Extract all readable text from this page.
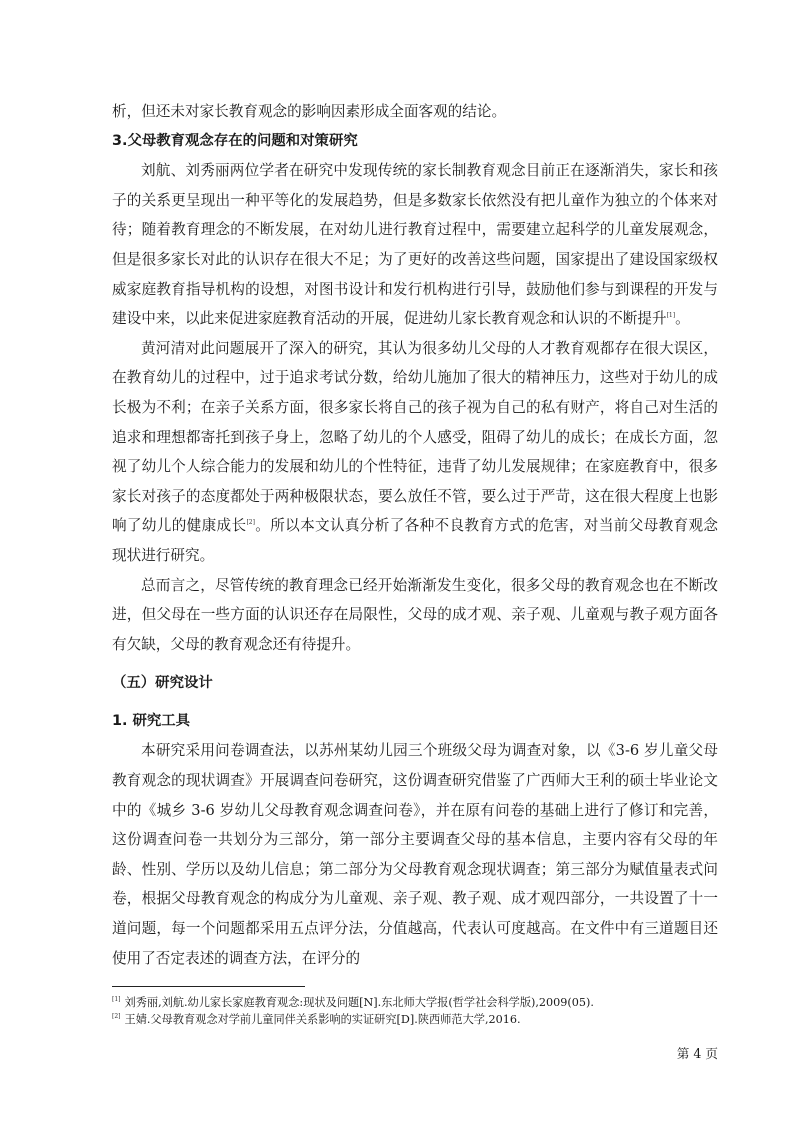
析，但还未对家长教育观念的影响因素形成全面客观的结论。

3.父母教育观念存在的问题和对策研究

刘航、刘秀丽两位学者在研究中发现传统的家长制教育观念目前正在逐渐消失，家长和孩子的关系更呈现出一种平等化的发展趋势，但是多数家长依然没有把儿童作为独立的个体来对待；随着教育理念的不断发展，在对幼儿进行教育过程中，需要建立起科学的儿童发展观念，但是很多家长对此的认识存在很大不足；为了更好的改善这些问题，国家提出了建设国家级权威家庭教育指导机构的设想，对图书设计和发行机构进行引导，鼓励他们参与到课程的开发与建设中来，以此来促进家庭教育活动的开展，促进幼儿家长教育观念和认识的不断提升[1]。

黄河清对此问题展开了深入的研究，其认为很多幼儿父母的人才教育观都存在很大误区，在教育幼儿的过程中，过于追求考试分数，给幼儿施加了很大的精神压力，这些对于幼儿的成长极为不利；在亲子关系方面，很多家长将自己的孩子视为自己的私有财产，将自己对生活的追求和理想都寄托到孩子身上，忽略了幼儿的个人感受，阻碍了幼儿的成长；在成长方面，忽视了幼儿个人综合能力的发展和幼儿的个性特征，违背了幼儿发展规律；在家庭教育中，很多家长对孩子的态度都处于两种极限状态，要么放任不管，要么过于严苛，这在很大程度上也影响了幼儿的健康成长[2]。所以本文认真分析了各种不良教育方式的危害，对当前父母教育观念现状进行研究。

总而言之，尽管传统的教育理念已经开始渐渐发生变化，很多父母的教育观念也在不断改进，但父母在一些方面的认识还存在局限性，父母的成才观、亲子观、儿童观与教子观方面各有欠缺，父母的教育观念还有待提升。

（五）研究设计

1. 研究工具

本研究采用问卷调查法，以苏州某幼儿园三个班级父母为调查对象，以《3-6 岁儿童父母教育观念的现状调查》开展调查问卷研究，这份调查研究借鉴了广西师大王利的硕士毕业论文中的《城乡 3-6 岁幼儿父母教育观念调查问卷》，并在原有问卷的基础上进行了修订和完善，这份调查问卷一共划分为三部分，第一部分主要调查父母的基本信息，主要内容有父母的年龄、性别、学历以及幼儿信息；第二部分为父母教育观念现状调查；第三部分为赋值量表式问卷，根据父母教育观念的构成分为儿童观、亲子观、教子观、成才观四部分，一共设置了十一道问题，每一个问题都采用五点评分法，分值越高，代表认可度越高。在文件中有三道题目还使用了否定表述的调查方法，在评分的

[1] 刘秀丽,刘航.幼儿家长家庭教育观念:现状及问题[N].东北师大学报(哲学社会科学版),2009(05).

[2] 王婧.父母教育观念对学前儿童同伴关系影响的实证研究[D].陕西师范大学,2016.

第 4 页
